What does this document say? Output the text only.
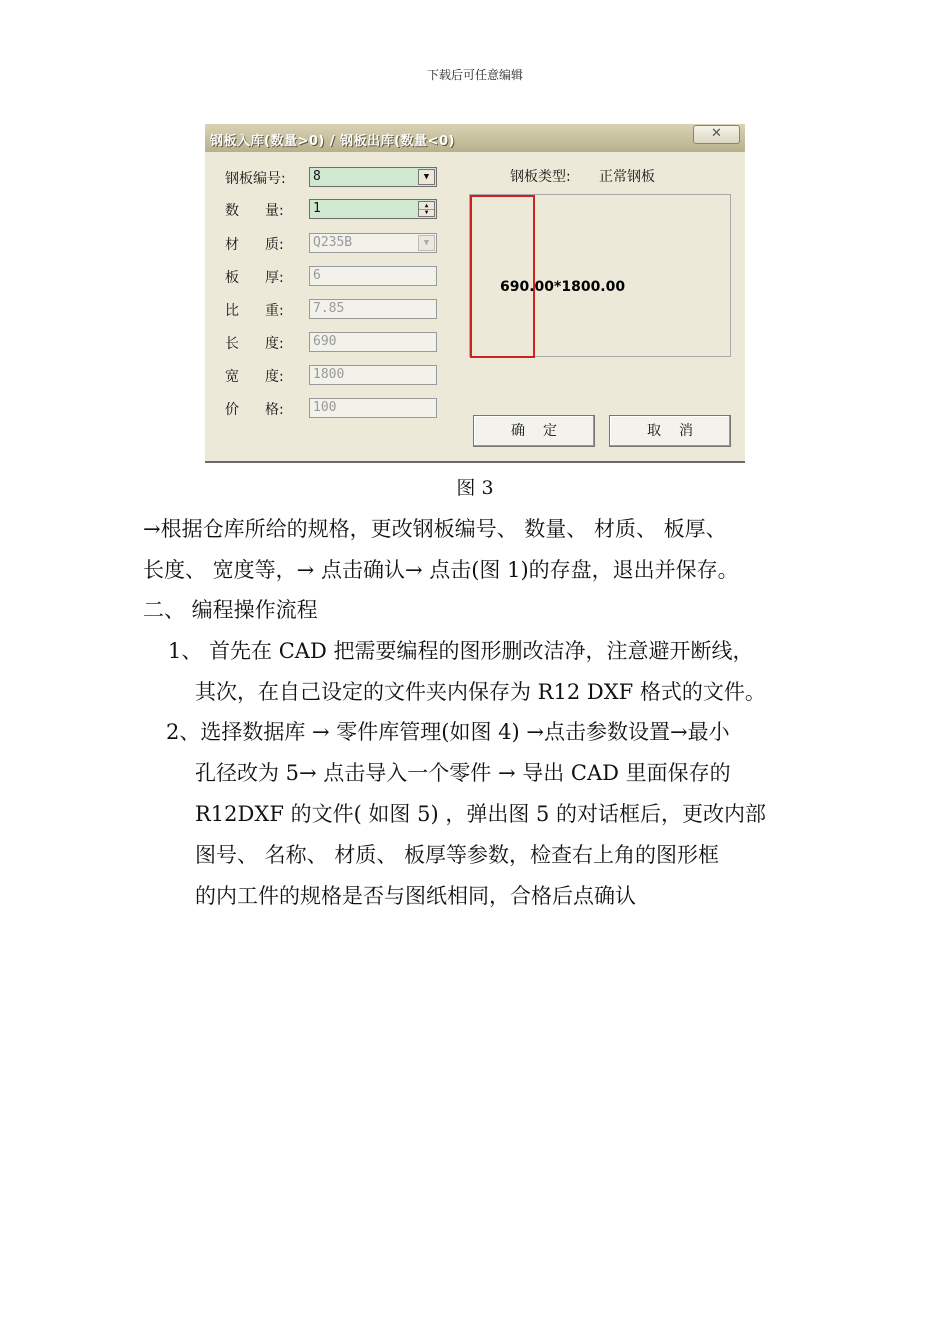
下载后可任意编辑
钢板入库(数量>0) / 钢板出库(数量<0)
✕
钢板编号:	8	▼
数 量:	1	▲
▼
材 质:	Q235B	▼
板 厚:	6
比 重:	7.85
长 度:	690
宽 度:	1800
价 格:	100
钢板类型: 正常钢板
690.00*1800.00
确定	取消
图 3
→根据仓库所给的规格，更改钢板编号、 数量、 材质、 板厚、
长度、 宽度等，→ 点击确认→ 点击(图 1)的存盘，退出并保存。
二、 编程操作流程
1、 首先在 CAD 把需要编程的图形删改洁净，注意避开断线，
其次，在自己设定的文件夹内保存为 R12 DXF 格式的文件。
2、选择数据库 → 零件库管理(如图 4) →点击参数设置→最小
孔径改为 5→ 点击导入一个零件 → 导出 CAD 里面保存的
R12DXF 的文件( 如图 5) ，弹出图 5 的对话框后，更改内部
图号、 名称、 材质、 板厚等参数，检查右上角的图形框
的内工件的规格是否与图纸相同，合格后点确认
